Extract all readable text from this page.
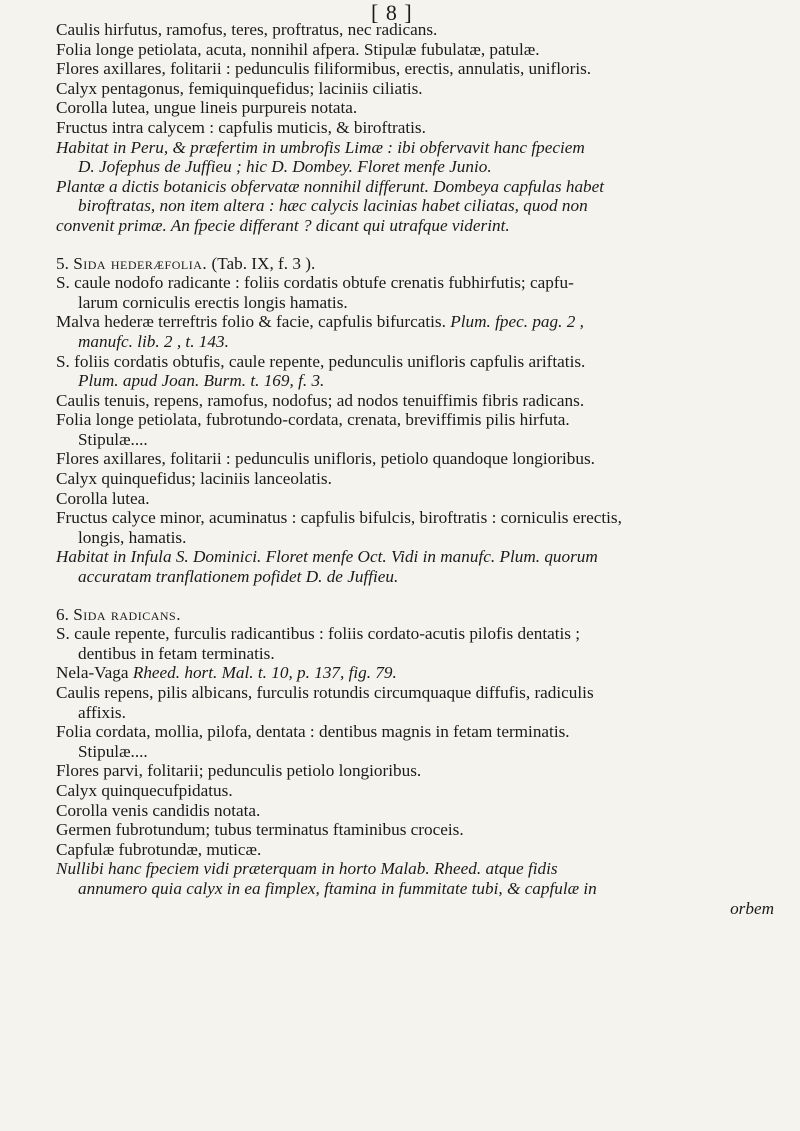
[ 8 ]
Caulis hirfutus, ramofus, teres, proftratus, nec radicans.
Folia longe petiolata, acuta, nonnihil afpera. Stipulæ fubulatæ, patulæ.
Flores axillares, folitarii : pedunculis filiformibus, erectis, annulatis, unifloris.
Calyx pentagonus, femiquinquefidus; laciniis ciliatis.
Corolla lutea, ungue lineis purpureis notata.
Fructus intra calycem : capfulis muticis, & biroftratis.
Habitat in Peru, & præfertim in umbrofis Limæ : ibi obfervavit hanc fpeciem
D. Jofephus de Juffieu ; hic D. Dombey. Floret menfe Junio.
Plantæ a dictis botanicis obfervatæ nonnihil differunt. Dombeya capfulas habet
biroftratas, non item altera : hæc calycis lacinias habet ciliatas, quod non
convenit primæ. An fpecie differant ? dicant qui utrafque viderint.
5. Sida hederæfolia. (Tab. IX, f. 3 ).
S. caule nodofo radicante : foliis cordatis obtufe crenatis fubhirfutis; capfu-
larum corniculis erectis longis hamatis.
Malva hederæ terreftris folio & facie, capfulis bifurcatis. Plum. fpec. pag. 2 ,
manufc. lib. 2 , t. 143.
S. foliis cordatis obtufis, caule repente, pedunculis unifloris capfulis ariftatis.
Plum. apud Joan. Burm. t. 169, f. 3.
Caulis tenuis, repens, ramofus, nodofus; ad nodos tenuiffimis fibris radicans.
Folia longe petiolata, fubrotundo-cordata, crenata, breviffimis pilis hirfuta.
Stipulæ....
Flores axillares, folitarii : pedunculis unifloris, petiolo quandoque longioribus.
Calyx quinquefidus; laciniis lanceolatis.
Corolla lutea.
Fructus calyce minor, acuminatus : capfulis bifulcis, biroftratis : corniculis erectis,
longis, hamatis.
Habitat in Infula S. Dominici. Floret menfe Oct. Vidi in manufc. Plum. quorum
accuratam tranflationem pofidet D. de Juffieu.
6. Sida radicans.
S. caule repente, furculis radicantibus : foliis cordato-acutis pilofis dentatis ;
dentibus in fetam terminatis.
Nela-Vaga Rheed. hort. Mal. t. 10, p. 137, fig. 79.
Caulis repens, pilis albicans, furculis rotundis circumquaque diffufis, radiculis
affixis.
Folia cordata, mollia, pilofa, dentata : dentibus magnis in fetam terminatis.
Stipulæ....
Flores parvi, folitarii; pedunculis petiolo longioribus.
Calyx quinquecufpidatus.
Corolla venis candidis notata.
Germen fubrotundum; tubus terminatus ftaminibus croceis.
Capfulæ fubrotundæ, muticæ.
Nullibi hanc fpeciem vidi præterquam in horto Malab. Rheed. atque fidis
annumero quia calyx in ea fimplex, ftamina in fummitate tubi, & capfulæ in
orbem
